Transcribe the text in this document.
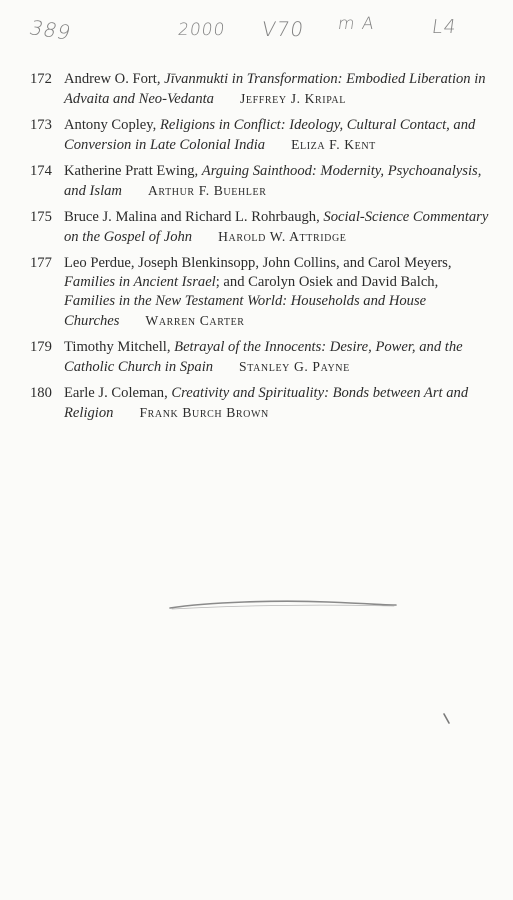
389	2000 V70 m A	L4
172 Andrew O. Fort, Jīvanmukti in Transformation: Embodied Liberation in Advaita and Neo-Vedanta Jeffrey J. Kripal
173 Antony Copley, Religions in Conflict: Ideology, Cultural Contact, and Conversion in Late Colonial India Eliza F. Kent
174 Katherine Pratt Ewing, Arguing Sainthood: Modernity, Psychoanalysis, and Islam Arthur F. Buehler
175 Bruce J. Malina and Richard L. Rohrbaugh, Social-Science Commentary on the Gospel of John Harold W. Attridge
177 Leo Perdue, Joseph Blenkinsopp, John Collins, and Carol Meyers, Families in Ancient Israel; and Carolyn Osiek and David Balch, Families in the New Testament World: Households and House Churches Warren Carter
179 Timothy Mitchell, Betrayal of the Innocents: Desire, Power, and the Catholic Church in Spain Stanley G. Payne
180 Earle J. Coleman, Creativity and Spirituality: Bonds between Art and Religion Frank Burch Brown
